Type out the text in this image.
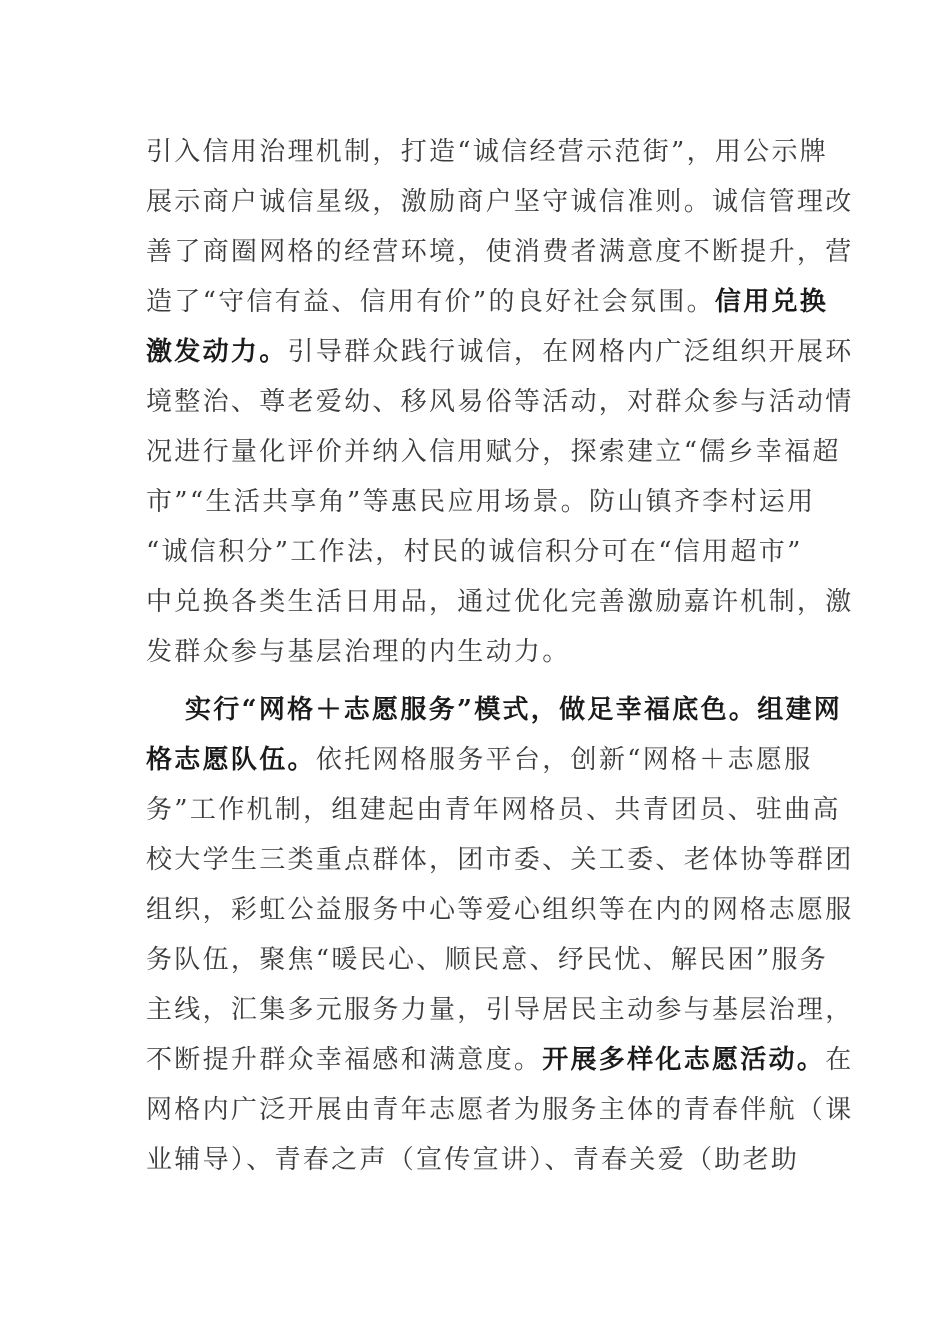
引入信用治理机制，打造“诚信经营示范街”，用公示牌
展示商户诚信星级，激励商户坚守诚信准则。诚信管理改
善了商圈网格的经营环境，使消费者满意度不断提升，营
造了“守信有益、信用有价”的良好社会氛围。信用兑换
激发动力。引导群众践行诚信，在网格内广泛组织开展环
境整治、尊老爱幼、移风易俗等活动，对群众参与活动情
况进行量化评价并纳入信用赋分，探索建立“儒乡幸福超
市”“生活共享角”等惠民应用场景。防山镇齐李村运用
“诚信积分”工作法，村民的诚信积分可在“信用超市”
中兑换各类生活日用品，通过优化完善激励嘉许机制，激
发群众参与基层治理的内生动力。
实行“网格＋志愿服务”模式，做足幸福底色。组建网
格志愿队伍。依托网格服务平台，创新“网格＋志愿服
务”工作机制，组建起由青年网格员、共青团员、驻曲高
校大学生三类重点群体，团市委、关工委、老体协等群团
组织，彩虹公益服务中心等爱心组织等在内的网格志愿服
务队伍，聚焦“暖民心、顺民意、纾民忧、解民困”服务
主线，汇集多元服务力量，引导居民主动参与基层治理，
不断提升群众幸福感和满意度。开展多样化志愿活动。在
网格内广泛开展由青年志愿者为服务主体的青春伴航（课
业辅导）、青春之声（宣传宣讲）、青春关爱（助老助
